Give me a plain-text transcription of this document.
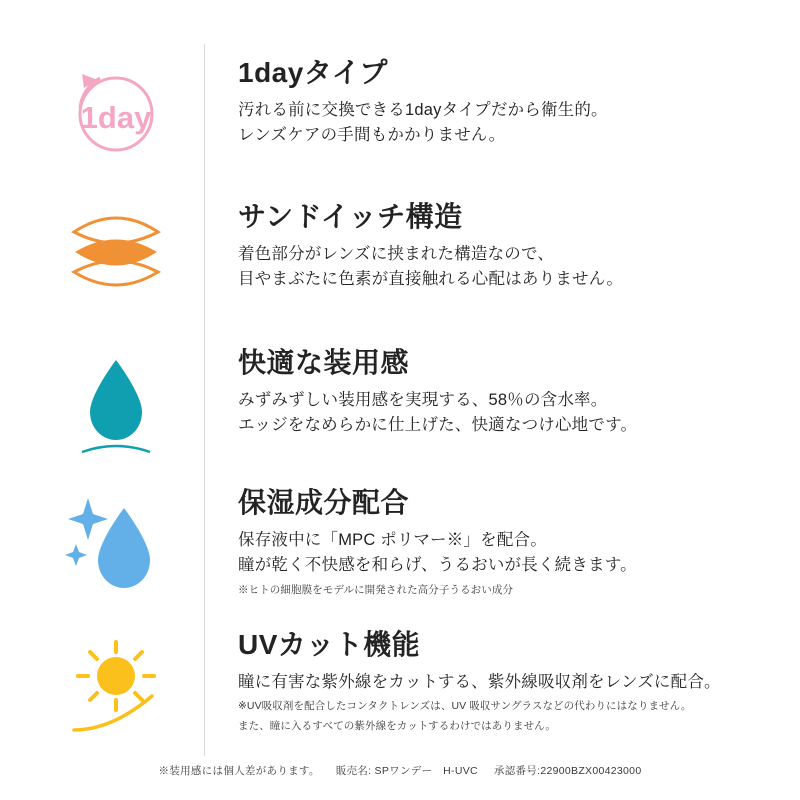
1day
1dayタイプ

汚れる前に交換できる1dayタイプだから衛生的。

レンズケアの手間もかかりません。

サンドイッチ構造

着色部分がレンズに挟まれた構造なので、

目やまぶたに色素が直接触れる心配はありません。

快適な装用感

みずみずしい装用感を実現する、58％の含水率。

エッジをなめらかに仕上げた、快適なつけ心地です。

保湿成分配合

保存液中に「MPC ポリマー※」を配合。

瞳が乾く不快感を和らげ、うるおいが長く続きます。

※ヒトの細胞膜をモデルに開発された高分子うるおい成分

UVカット機能

瞳に有害な紫外線をカットする、紫外線吸収剤をレンズに配合。

※UV吸収剤を配合したコンタクトレンズは、UV 吸収サングラスなどの代わりにはなりません。

また、瞳に入るすべての紫外線をカットするわけではありません。

※装用感には個人差があります。 販売名: SPワンデー　H-UVC 承認番号:22900BZX00423000
